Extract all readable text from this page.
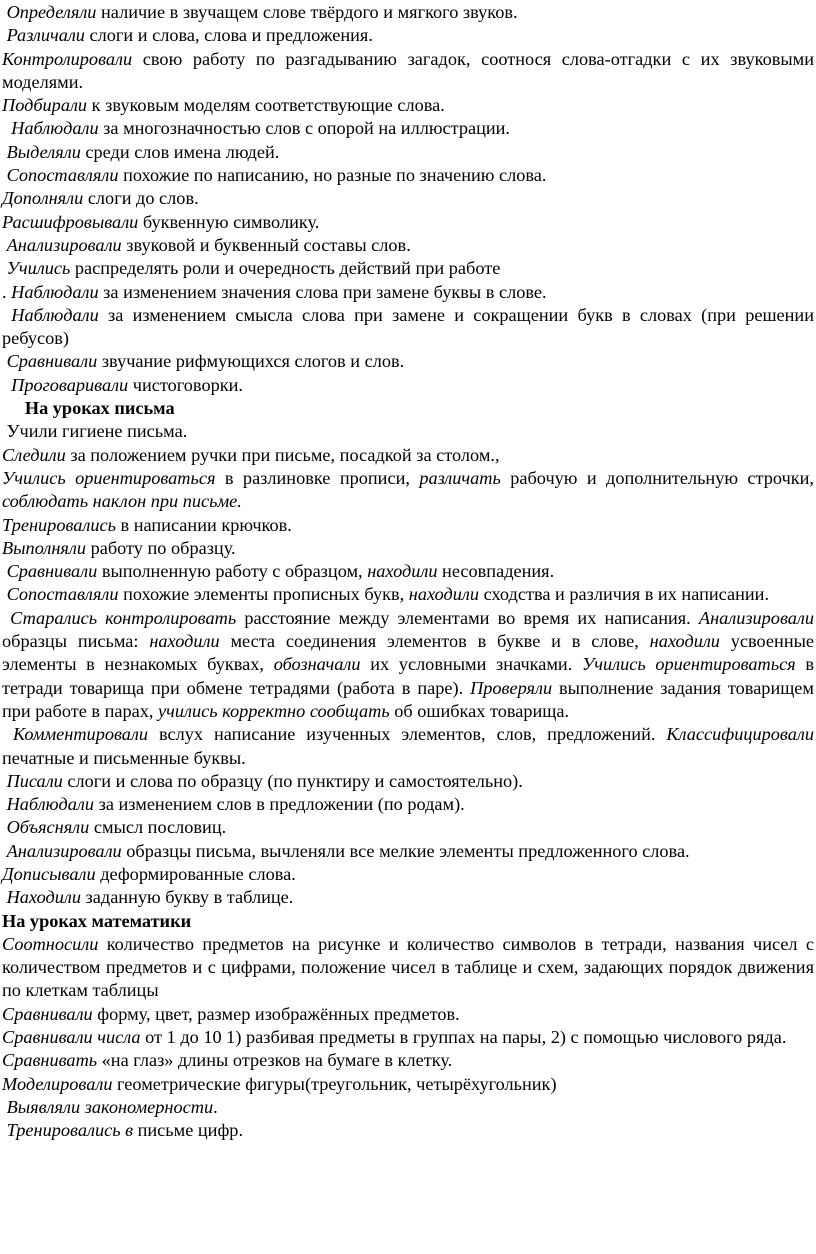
Определяли наличие в звучащем слове твёрдого и мягкого звуков.

Различали слоги и слова, слова и предложения.

Контролировали свою работу по разгадыванию загадок, соотнося слова-отгадки с их звуковыми моделями.

Подбирали к звуковым моделям соответствующие слова.

Наблюдали за многозначностью слов с опорой на иллюстрации.

Выделяли среди слов имена людей.

Сопоставляли похожие по написанию, но разные по значению слова.

Дополняли слоги до слов.

Расшифровывали буквенную символику.

Анализировали звуковой и буквенный составы слов.

Учились распределять роли и очередность действий при работе

. Наблюдали за изменением значения слова при замене буквы в слове.

Наблюдали за изменением смысла слова при замене и сокращении букв в словах (при решении ребусов)

Сравнивали звучание рифмующихся слогов и слов.

Проговаривали чистоговорки.

На уроках письма

Учили гигиене письма.

Следили за положением ручки при письме, посадкой за столом.,

Учились ориентироваться в разлиновке прописи, различать рабочую и дополнительную строчки, соблюдать наклон при письме.

Тренировались в написании крючков.

Выполняли работу по образцу.

Сравнивали выполненную работу с образцом, находили несовпадения.

Сопоставляли похожие элементы прописных букв, находили сходства и различия в их написании.

Старались контролировать расстояние между элементами во время их написания. Анализировали образцы письма: находили места соединения элементов в букве и в слове, находили усвоенные элементы в незнакомых буквах, обозначали их условными значками. Учились ориентироваться в тетради товарища при обмене тетрадями (работа в паре). Проверяли выполнение задания товарищем при работе в парах, учились корректно сообщать об ошибках товарища.

Комментировали вслух написание изученных элементов, слов, предложений. Классифицировали печатные и письменные буквы.

Писали слоги и слова по образцу (по пунктиру и самостоятельно).

Наблюдали за изменением слов в предложении (по родам).

Объясняли смысл пословиц.

Анализировали образцы письма, вычленяли все мелкие элементы предложенного слова.

Дописывали деформированные слова.

Находили заданную букву в таблице.

На уроках математики

Соотносили количество предметов на рисунке и количество символов в тетради, названия чисел с количеством предметов и с цифрами, положение чисел в таблице и схем, задающих порядок движения по клеткам таблицы

Сравнивали форму, цвет, размер изображённых предметов.

Сравнивали числа от 1 до 10 1) разбивая предметы в группах на пары, 2) с помощью числового ряда.

Сравнивать «на глаз» длины отрезков на бумаге в клетку.

Моделировали геометрические фигуры(треугольник, четырёхугольник)

Выявляли закономерности.

Тренировались в письме цифр.
